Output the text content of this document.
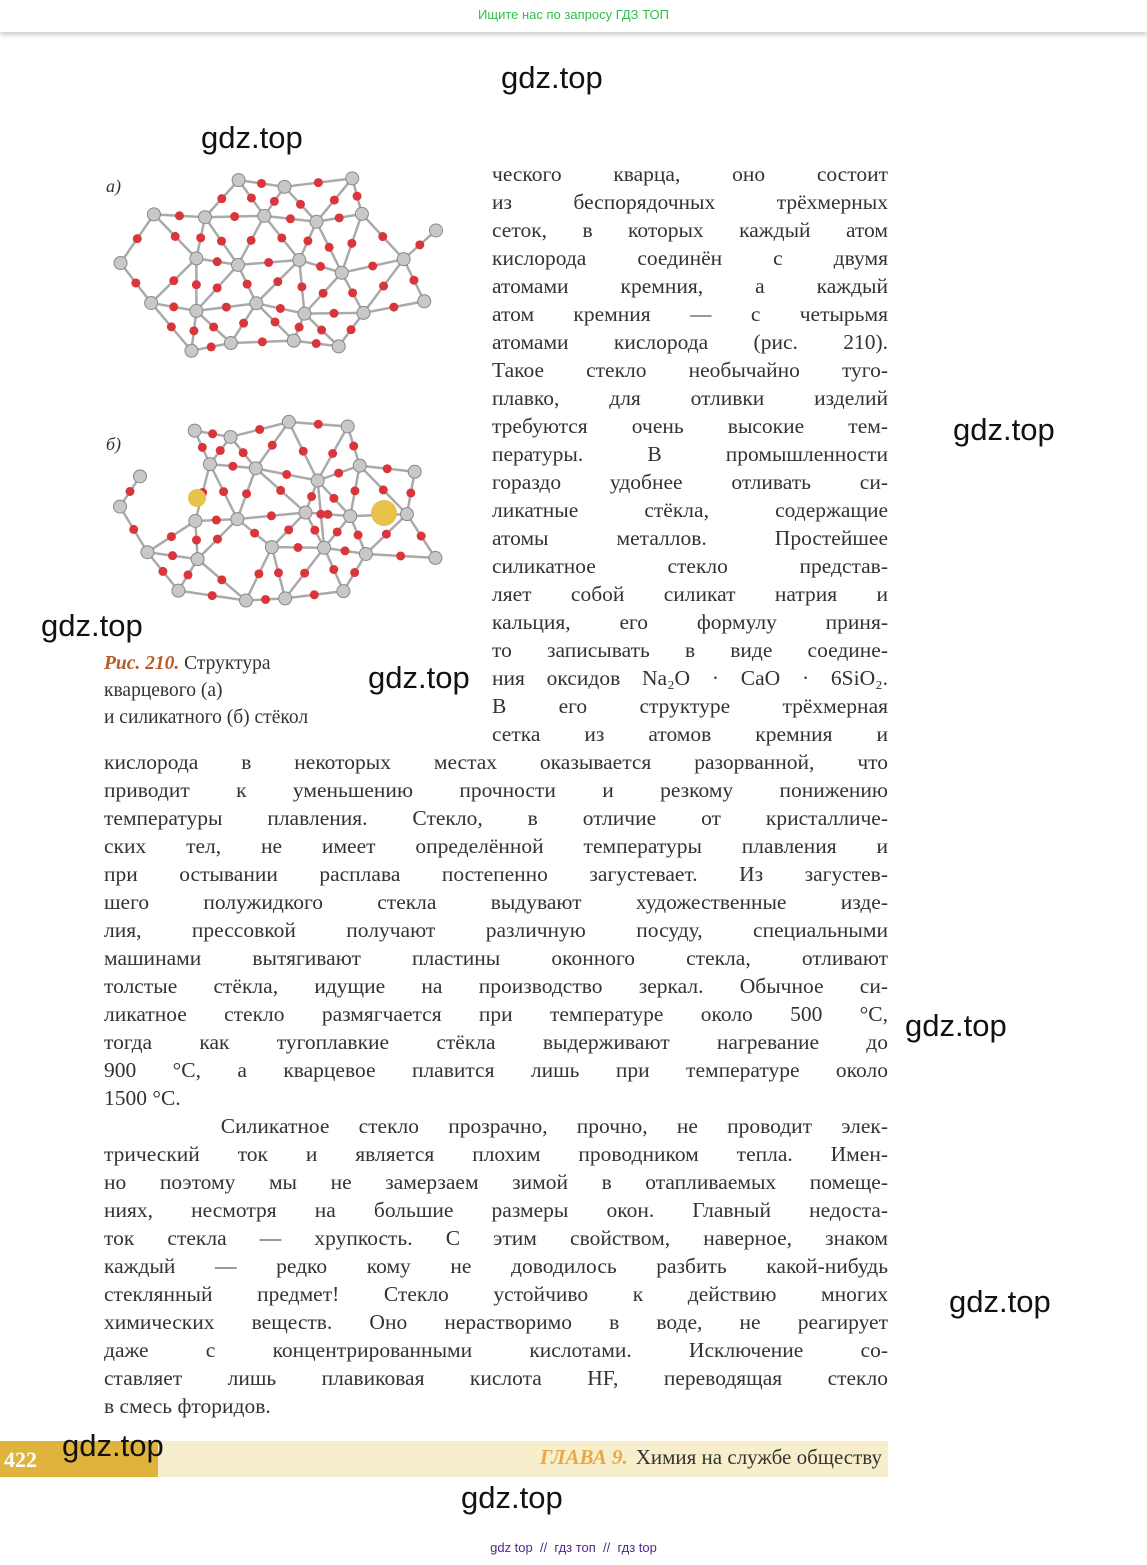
Ищите нас по запросу ГДЗ ТОП
gdz.top
gdz.top
gdz.top
gdz.top
gdz.top
gdz.top
gdz.top
gdz.top
gdz.top
а)
б)
Рис. 210. Структура
кварцевого (а)
и силикатного (б) стёкол
ческого кварца, оно состоит
из беспорядочных трёхмерных
сеток, в которых каждый атом
кислорода соединён с двумя
атомами кремния, а каждый
атом кремния — с четырьмя
атомами кислорода (рис. 210).
Такое стекло необычайно туго-
плавко, для отливки изделий
требуются очень высокие тем-
пературы. В промышленности
гораздо удобнее отливать си-
ликатные стёкла, содержащие
атомы металлов. Простейшее
силикатное стекло представ-
ляет собой силикат натрия и
кальция, его формулу приня-
то записывать в виде соедине-
ния оксидов Na₂O · CaO · 6SiO₂.
В его структуре трёхмерная
сетка из атомов кремния и
кислорода в некоторых местах оказывается разорванной, что
приводит к уменьшению прочности и резкому понижению
температуры плавления. Стекло, в отличие от кристалличе-
ских тел, не имеет определённой температуры плавления и
при остывании расплава постепенно загустевает. Из загустев-
шего полужидкого стекла выдувают художественные изде-
лия, прессовкой получают различную посуду, специальными
машинами вытягивают пластины оконного стекла, отливают
толстые стёкла, идущие на производство зеркал. Обычное си-
ликатное стекло размягчается при температуре около 500 °С,
тогда как тугоплавкие стёкла выдерживают нагревание до
900 °С, а кварцевое плавится лишь при температуре около
1500 °С.
Силикатное стекло прозрачно, прочно, не проводит элек-
трический ток и является плохим проводником тепла. Имен-
но поэтому мы не замерзаем зимой в отапливаемых помеще-
ниях, несмотря на большие размеры окон. Главный недоста-
ток стекла — хрупкость. С этим свойством, наверное, знаком
каждый — редко кому не доводилось разбить какой-нибудь
стеклянный предмет! Стекло устойчиво к действию многих
химических веществ. Оно нерастворимо в воде, не реагирует
даже с концентрированными кислотами. Исключение со-
ставляет лишь плавиковая кислота HF, переводящая стекло
в смесь фторидов.
422	ГЛАВА 9. Химия на службе обществу
gdz top  //  гдз топ  //  гдз top
